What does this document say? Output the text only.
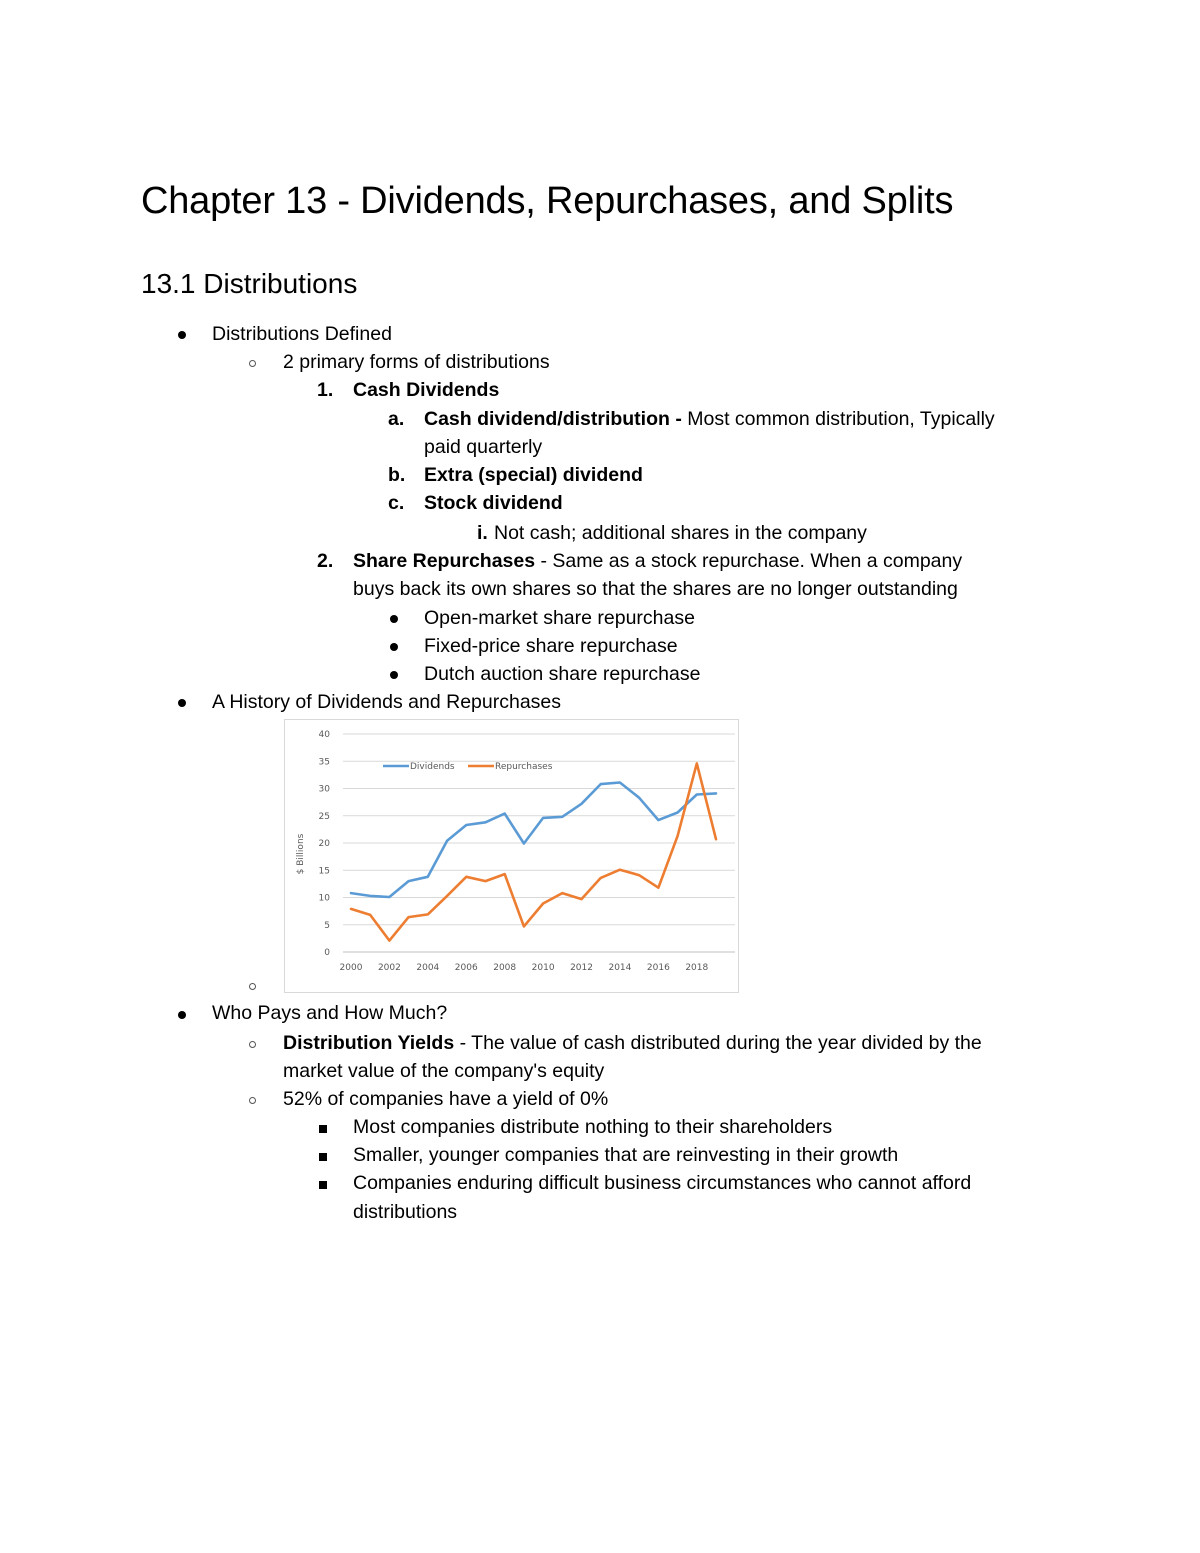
Chapter 13 - Dividends, Repurchases, and Splits
13.1 Distributions
Distributions Defined
2 primary forms of distributions
1. Cash Dividends
a. Cash dividend/distribution - Most common distribution, Typically
paid quarterly
b. Extra (special) dividend
c. Stock dividend
i. Not cash; additional shares in the company
2. Share Repurchases - Same as a stock repurchase. When a company
buys back its own shares so that the shares are no longer outstanding
Open-market share repurchase
Fixed-price share repurchase
Dutch auction share repurchase
A History of Dividends and Repurchases
0
5
10
15
20
25
30
35
40
2000 2002 2004 2006 2008 2010 2012 2014 2016 2018
Dividends	Repurchases
$ Billions
Who Pays and How Much?
Distribution Yields - The value of cash distributed during the year divided by the
market value of the company's equity
52% of companies have a yield of 0%
Most companies distribute nothing to their shareholders
Smaller, younger companies that are reinvesting in their growth
Companies enduring difficult business circumstances who cannot afford
distributions
